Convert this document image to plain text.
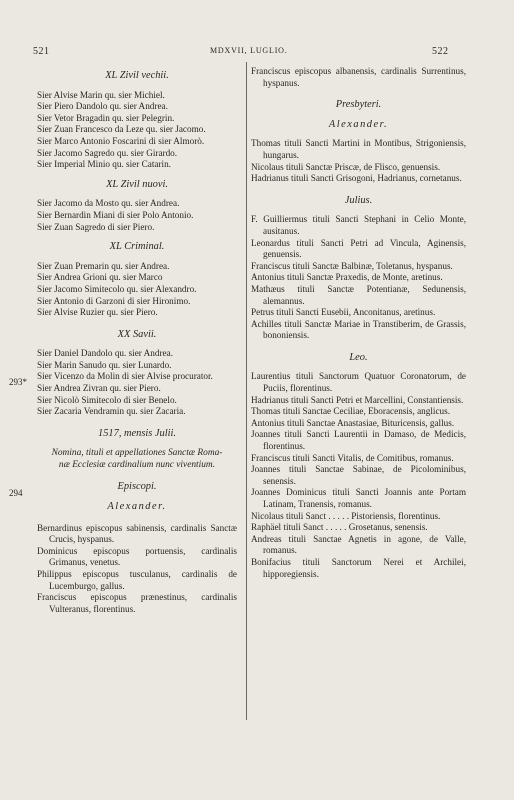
521	MDXVII, LUGLIO.	522
293*
294

XL Zivil vechii.

Sier Alvise Marin qu. sier Michiel.
Sier Piero Dandolo qu. sier Andrea.
Sier Vetor Bragadin qu. sier Pelegrin.
Sier Zuan Francesco da Leze qu. sier Jacomo.
Sier Marco Antonio Foscarini di sier Almorò.
Sier Jacomo Sagredo qu. sier Girardo.
Sier Imperial Minio qu. sier Catarin.

XL Zivil nuovi.

Sier Jacomo da Mosto qu. sier Andrea.
Sier Bernardin Miani di sier Polo Antonio.
Sier Zuan Sagredo di sier Piero.

XL Criminal.

Sier Zuan Premarin qu. sier Andrea.
Sier Andrea Grioni qu. sier Marco
Sier Jacomo Simitecolo qu. sier Alexandro.
Sier Antonio di Garzoni di sier Hironimo.
Sier Alvise Ruzier qu. sier Piero.

XX Savii.

Sier Daniel Dandolo qu. sier Andrea.
Sier Marin Sanudo qu. sier Lunardo.
Sier Vicenzo da Molin di sier Alvise procurator.
Sier Andrea Zivran qu. sier Piero.
Sier Nicolò Simitecolo di sier Benelo.
Sier Zacaria Vendramin qu. sier Zacaria.

1517, mensis Julii.

Nomina, tituli et appellationes Sanctæ Roma-

næ Ecclesiæ cardinalium nunc viventium.

Episcopi.

Alexander.

Bernardinus episcopus sabinensis, cardinalis Sanctæ Crucis, hyspanus.

Dominicus episcopus portuensis, cardinalis Grimanus, venetus.

Philippus episcopus tusculanus, cardinalis de Lucemburgo, gallus.

Franciscus episcopus prænestinus, cardinalis Vulteranus, florentinus.

Franciscus episcopus albanensis, cardinalis Surrentinus, hyspanus.

Presbyteri.

Alexander.

Thomas tituli Sancti Martini in Montibus, Strigoniensis, hungarus.

Nicolaus tituli Sanctæ Priscæ, de Flisco, genuensis.

Hadrianus tituli Sancti Grisogoni, Hadrianus, cornetanus.

Julius.

F. Guilliermus tituli Sancti Stephani in Celio Monte, ausitanus.

Leonardus tituli Sancti Petri ad Vincula, Aginensis, genuensis.

Franciscus tituli Sanctæ Balbinæ, Toletanus, hyspanus.

Antonius tituli Sanctæ Praxedis, de Monte, aretinus.

Mathæus tituli Sanctæ Potentianæ, Sedunensis, alemannus.

Petrus tituli Sancti Eusebii, Anconitanus, aretinus.

Achilles tituli Sanctæ Mariae in Transtiberim, de Grassis, bononiensis.

Leo.

Laurentius tituli Sanctorum Quatuor Coronatorum, de Puciis, florentinus.

Hadrianus tituli Sancti Petri et Marcellini, Constantiensis.

Thomas tituli Sanctae Ceciliae, Eboracensis, anglicus.

Antonius tituli Sanctae Anastasiae, Bituricensis, gallus.

Joannes tituli Sancti Laurentii in Damaso, de Medicis, florentinus.

Franciscus tituli Sancti Vitalis, de Comitibus, romanus.

Joannes tituli Sanctae Sabinae, de Picolominibus, senensis.

Joannes Dominicus tituli Sancti Joannis ante Portam Latinam, Tranensis, romanus.

Nicolaus tituli Sanct . . . . . Pistoriensis, florentinus.

Raphäel tituli Sanct . . . . . Grosetanus, senensis.

Andreas tituli Sanctae Agnetis in agone, de Valle, romanus.

Bonifacius tituli Sanctorum Nerei et Archilei, hipporegiensis.
